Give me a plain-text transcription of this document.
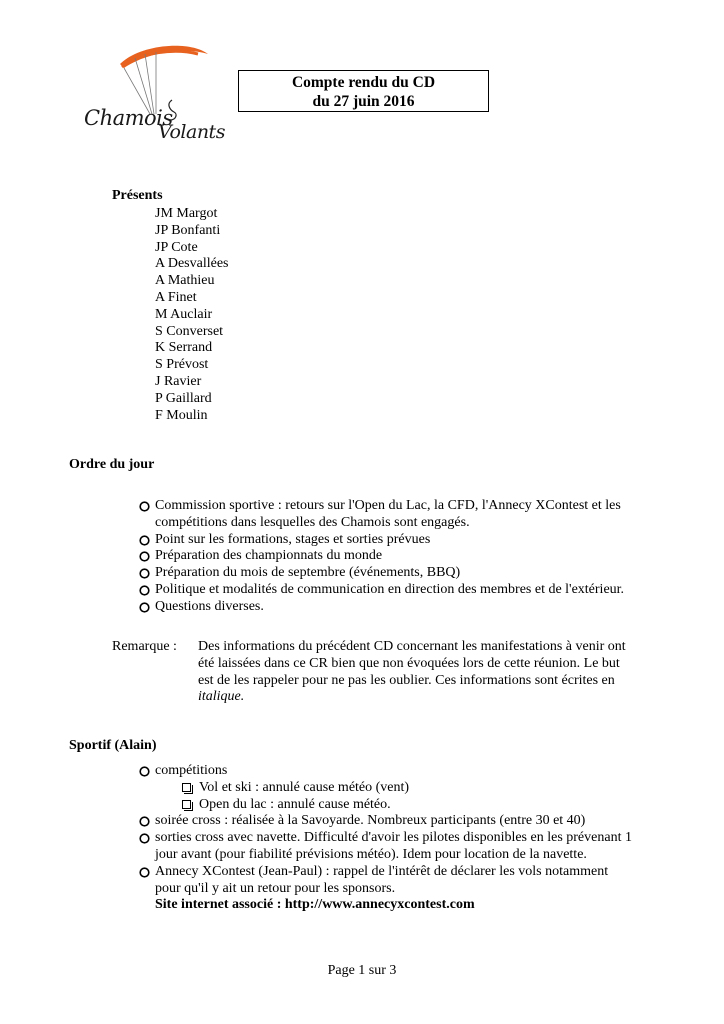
Chamois
Volants
Compte rendu du CD
du 27 juin 2016
Présents
JM Margot
JP Bonfanti
JP Cote
A Desvallées
A Mathieu
A Finet
M Auclair
S Converset
K Serrand
S Prévost
J Ravier
P Gaillard
F Moulin
Ordre du jour
Commission sportive : retours sur l'Open du Lac, la CFD, l'Annecy XContest et les
compétitions dans lesquelles des Chamois sont engagés.
Point sur les formations, stages et sorties prévues
Préparation des championnats du monde
Préparation du mois de septembre (événements, BBQ)
Politique et modalités de communication en direction des membres et de l'extérieur.
Questions diverses.
Remarque : Des informations du précédent CD concernant les manifestations à venir ont
été laissées dans ce CR bien que non évoquées lors de cette réunion. Le but
est de les rappeler pour ne pas les oublier. Ces informations sont écrites en
italique.
Sportif (Alain)
compétitions
Vol et ski : annulé cause météo (vent)
Open du lac : annulé cause météo.
soirée cross : réalisée à la Savoyarde. Nombreux participants (entre 30 et 40)
sorties cross avec navette. Difficulté d'avoir les pilotes disponibles en les prévenant 1
jour avant (pour fiabilité prévisions météo). Idem pour location de la navette.
Annecy XContest (Jean-Paul) : rappel de l'intérêt de déclarer les vols notamment
pour qu'il y ait un retour pour les sponsors.
Site internet associé : http://www.annecyxcontest.com
Page 1 sur 3
